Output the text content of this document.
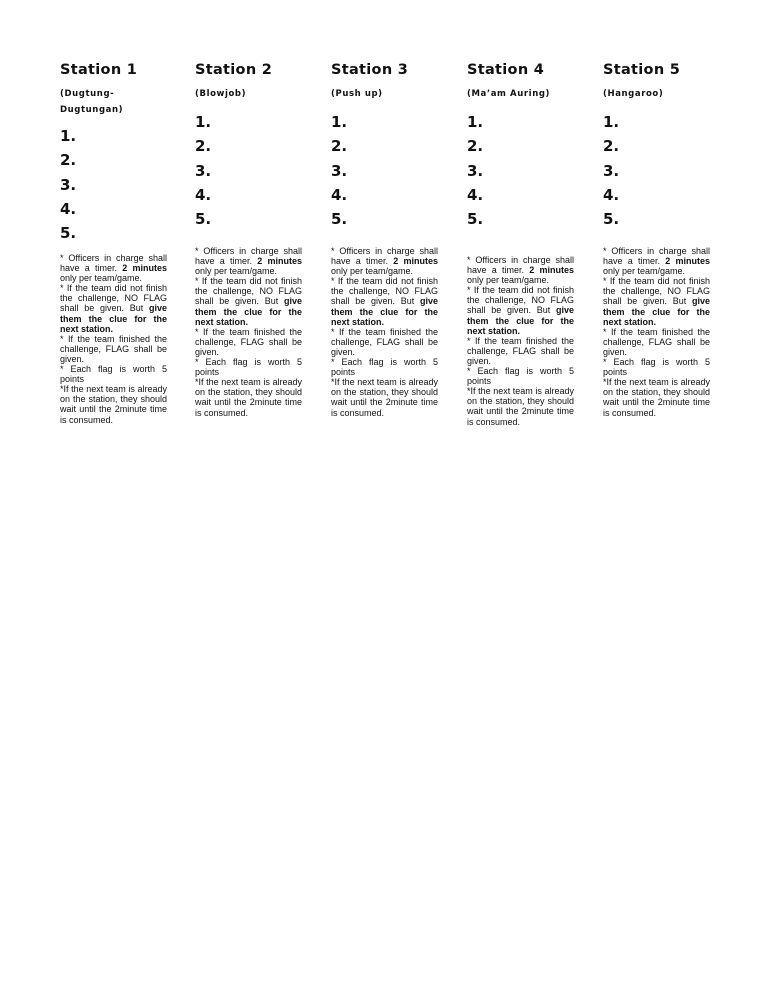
Station 1
(Dugtung-Dugtungan)
1.
2.
3.
4.
5.

* Officers in charge shall have a timer. 2 minutes only per team/game.

* If the team did not finish the challenge, NO FLAG shall be given. But give them the clue for the next station.

* If the team finished the challenge, FLAG shall be given.

* Each flag is worth 5 points

*If the next team is already on the station, they should wait until the 2minute time is consumed.

Station 2
(Blowjob)
1.
2.
3.
4.
5.

* Officers in charge shall have a timer. 2 minutes only per team/game.

* If the team did not finish the challenge, NO FLAG shall be given. But give them the clue for the next station.

* If the team finished the challenge, FLAG shall be given.

* Each flag is worth 5 points

*If the next team is already on the station, they should wait until the 2minute time is consumed.

Station 3
(Push up)
1.
2.
3.
4.
5.

* Officers in charge shall have a timer. 2 minutes only per team/game.

* If the team did not finish the challenge, NO FLAG shall be given. But give them the clue for the next station.

* If the team finished the challenge, FLAG shall be given.

* Each flag is worth 5 points

*If the next team is already on the station, they should wait until the 2minute time is consumed.

Station 4
(Ma’am Auring)
1.
2.
3.
4.
5.

* Officers in charge shall have a timer. 2 minutes only per team/game.

* If the team did not finish the challenge, NO FLAG shall be given. But give them the clue for the next station.

* If the team finished the challenge, FLAG shall be given.

* Each flag is worth 5 points

*If the next team is already on the station, they should wait until the 2minute time is consumed.

Station 5
(Hangaroo)
1.
2.
3.
4.
5.

* Officers in charge shall have a timer. 2 minutes only per team/game.

* If the team did not finish the challenge, NO FLAG shall be given. But give them the clue for the next station.

* If the team finished the challenge, FLAG shall be given.

* Each flag is worth 5 points

*If the next team is already on the station, they should wait until the 2minute time is consumed.
